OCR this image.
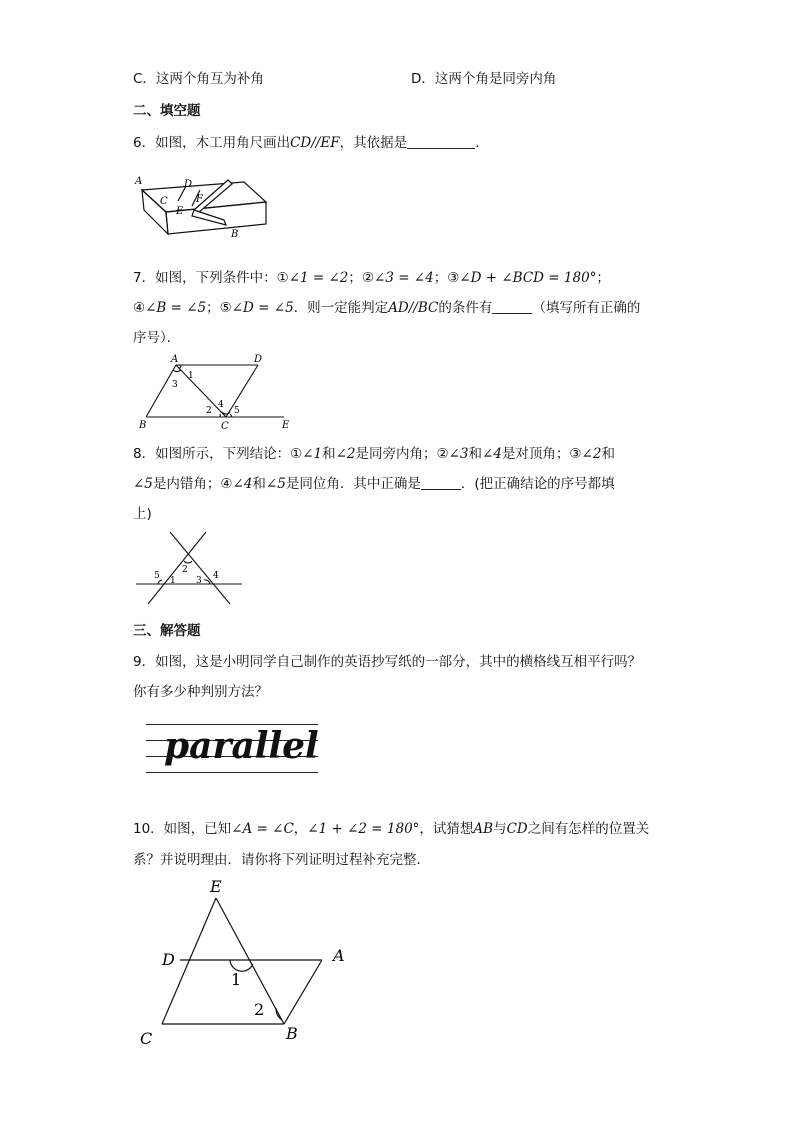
C．这两个角互为补角	D．这两个角是同旁内角
二、填空题
6．如图，木工用角尺画出CD//EF，其依据是	．
A	D
C	F
E
B
7．如图，下列条件中：①∠1 = ∠2；②∠3 = ∠4；③∠D + ∠BCD = 180°；
④∠B = ∠5；⑤∠D = ∠5．则一定能判定AD//BC的条件有	（填写所有正确的
序号）．
A	D
B	C	E
1
3
2
4
5
8．如图所示，下列结论：①∠1和∠2是同旁内角；②∠3和∠4是对顶角；③∠2和
∠5是内错角；④∠4和∠5是同位角．其中正确是	．(把正确结论的序号都填
上)
5 1
2
3 4
三、解答题
9．如图，这是小明同学自己制作的英语抄写纸的一部分，其中的横格线互相平行吗？
你有多少种判别方法？
parallel
10．如图，已知∠A = ∠C，∠1 + ∠2 = 180°，试猜想AB与CD之间有怎样的位置关
系？并说明理由．请你将下列证明过程补充完整．
E
D	A
C	B
1
2
